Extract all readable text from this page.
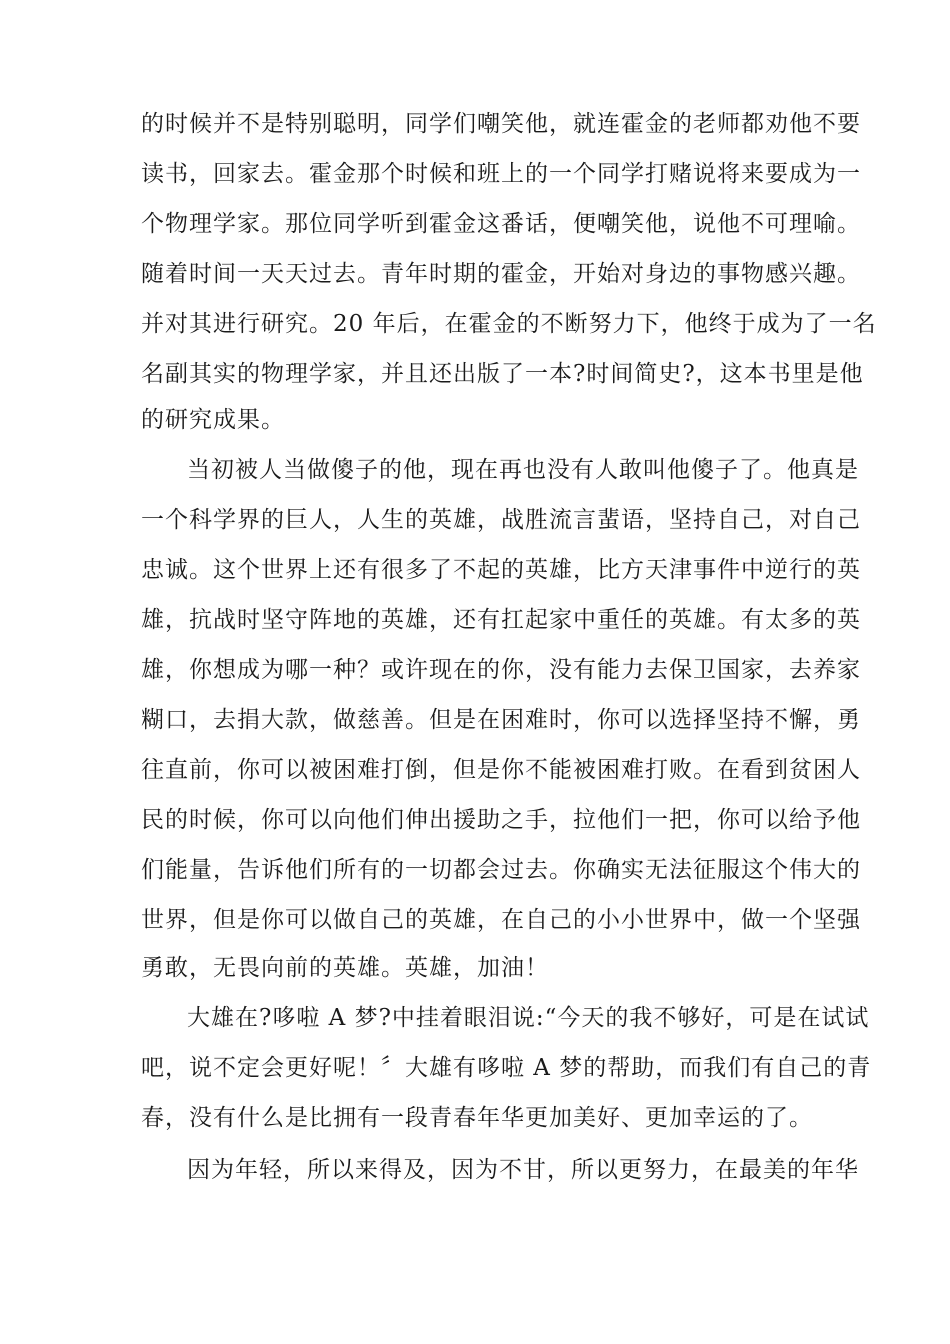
的时候并不是特别聪明，同学们嘲笑他，就连霍金的老师都劝他不要
读书，回家去。霍金那个时候和班上的一个同学打赌说将来要成为一
个物理学家。那位同学听到霍金这番话，便嘲笑他，说他不可理喻。
随着时间一天天过去。青年时期的霍金，开始对身边的事物感兴趣。
并对其进行研究。20 年后，在霍金的不断努力下，他终于成为了一名
名副其实的物理学家，并且还出版了一本?时间简史?，这本书里是他
的研究成果。
当初被人当做傻子的他，现在再也没有人敢叫他傻子了。他真是
一个科学界的巨人，人生的英雄，战胜流言蜚语，坚持自己，对自己
忠诚。这个世界上还有很多了不起的英雄，比方天津事件中逆行的英
雄，抗战时坚守阵地的英雄，还有扛起家中重任的英雄。有太多的英
雄，你想成为哪一种？或许现在的你，没有能力去保卫国家，去养家
糊口，去捐大款，做慈善。但是在困难时，你可以选择坚持不懈，勇
往直前，你可以被困难打倒，但是你不能被困难打败。在看到贫困人
民的时候，你可以向他们伸出援助之手，拉他们一把，你可以给予他
们能量，告诉他们所有的一切都会过去。你确实无法征服这个伟大的
世界，但是你可以做自己的英雄，在自己的小小世界中，做一个坚强
勇敢，无畏向前的英雄。英雄，加油！
大雄在?哆啦 A 梦?中挂着眼泪说:“今天的我不够好，可是在试试
吧，说不定会更好呢！〞大雄有哆啦 A 梦的帮助，而我们有自己的青
春，没有什么是比拥有一段青春年华更加美好、更加幸运的了。
因为年轻，所以来得及，因为不甘，所以更努力，在最美的年华
